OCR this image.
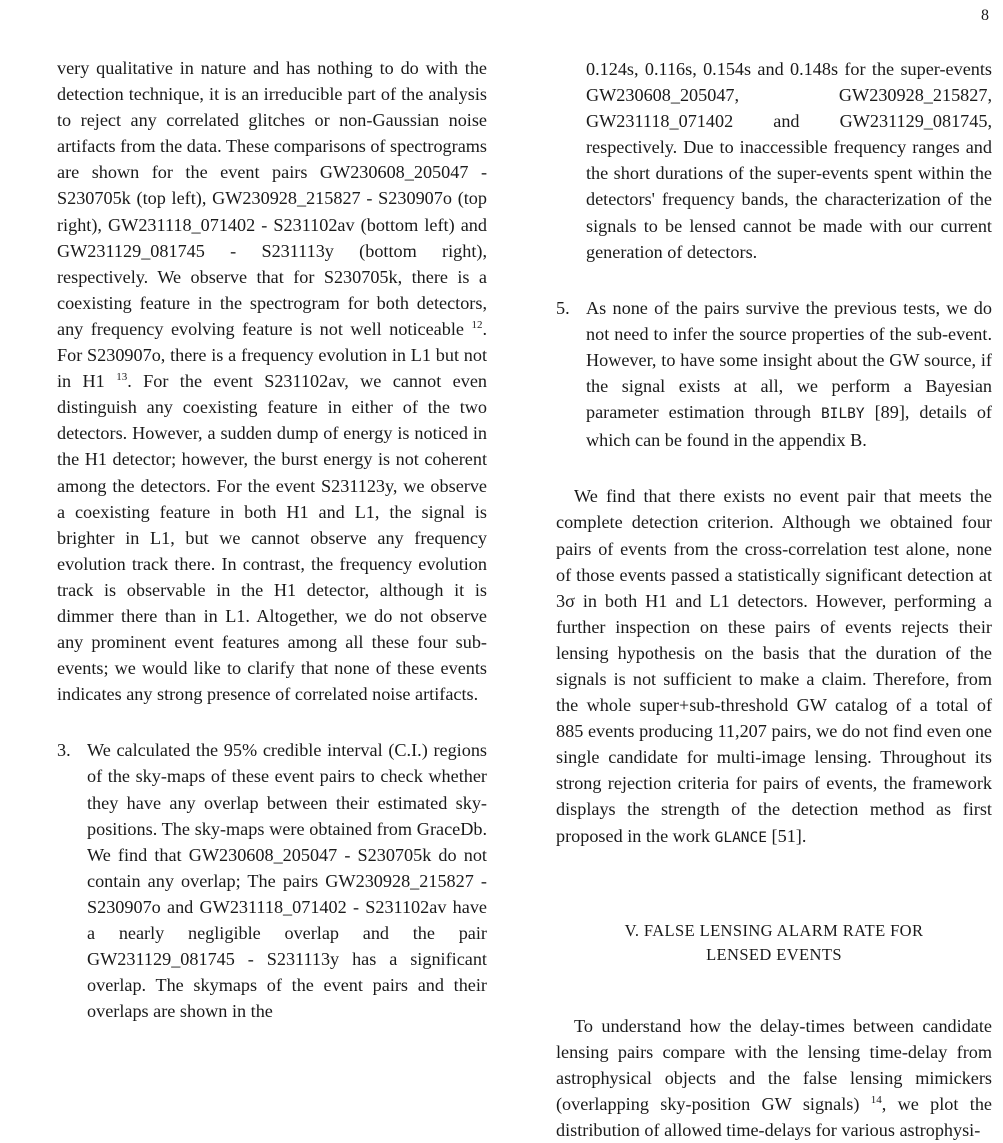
8

very qualitative in nature and has nothing to do with the detection technique, it is an irreducible part of the analysis to reject any correlated glitches or non-Gaussian noise artifacts from the data. These comparisons of spectrograms are shown for the event pairs GW230608_205047 - S230705k (top left), GW230928_215827 - S230907o (top right), GW231118_071402 - S231102av (bottom left) and GW231129_081745 - S231113y (bottom right), respectively. We observe that for S230705k, there is a coexisting feature in the spectrogram for both detectors, any frequency evolving feature is not well noticeable $^{12}$. For S230907o, there is a frequency evolution in L1 but not in H1 $^{13}$. For the event S231102av, we cannot even distinguish any coexisting feature in either of the two detectors. However, a sudden dump of energy is noticed in the H1 detector; however, the burst energy is not coherent among the detectors. For the event S231123y, we observe a coexisting feature in both H1 and L1, the signal is brighter in L1, but we cannot observe any frequency evolution track there. In contrast, the frequency evolution track is observable in the H1 detector, although it is dimmer there than in L1. Altogether, we do not observe any prominent event features among all these four sub-events; we would like to clarify that none of these events indicates any strong presence of correlated noise artifacts.

3. We calculated the 95% credible interval (C.I.) regions of the sky-maps of these event pairs to check whether they have any overlap between their estimated sky-positions. The sky-maps were obtained from GraceDb. We find that GW230608_205047 - S230705k do not contain any overlap; The pairs GW230928_215827 - S230907o and GW231118_071402 - S231102av have a nearly negligible overlap and the pair GW231129_081745 - S231113y has a significant overlap. The skymaps of the event pairs and their overlaps are shown in the

0.124s, 0.116s, 0.154s and 0.148s for the super-events GW230608_205047, GW230928_215827, GW231118_071402 and GW231129_081745, respectively. Due to inaccessible frequency ranges and the short durations of the super-events spent within the detectors' frequency bands, the characterization of the signals to be lensed cannot be made with our current generation of detectors.

5. As none of the pairs survive the previous tests, we do not need to infer the source properties of the sub-event. However, to have some insight about the GW source, if the signal exists at all, we perform a Bayesian parameter estimation through BILBY [89], details of which can be found in the appendix B.

We find that there exists no event pair that meets the complete detection criterion. Although we obtained four pairs of events from the cross-correlation test alone, none of those events passed a statistically significant detection at 3σ in both H1 and L1 detectors. However, performing a further inspection on these pairs of events rejects their lensing hypothesis on the basis that the duration of the signals is not sufficient to make a claim. Therefore, from the whole super+sub-threshold GW catalog of a total of 885 events producing 11,207 pairs, we do not find even one single candidate for multi-image lensing. Throughout its strong rejection criteria for pairs of events, the framework displays the strength of the detection method as first proposed in the work GLANCE [51].

V. FALSE LENSING ALARM RATE FOR
LENSED EVENTS

To understand how the delay-times between candidate lensing pairs compare with the lensing time-delay from astrophysical objects and the false lensing mimickers (overlapping sky-position GW signals) $^{14}$, we plot the distribution of allowed time-delays for various astrophysi-
